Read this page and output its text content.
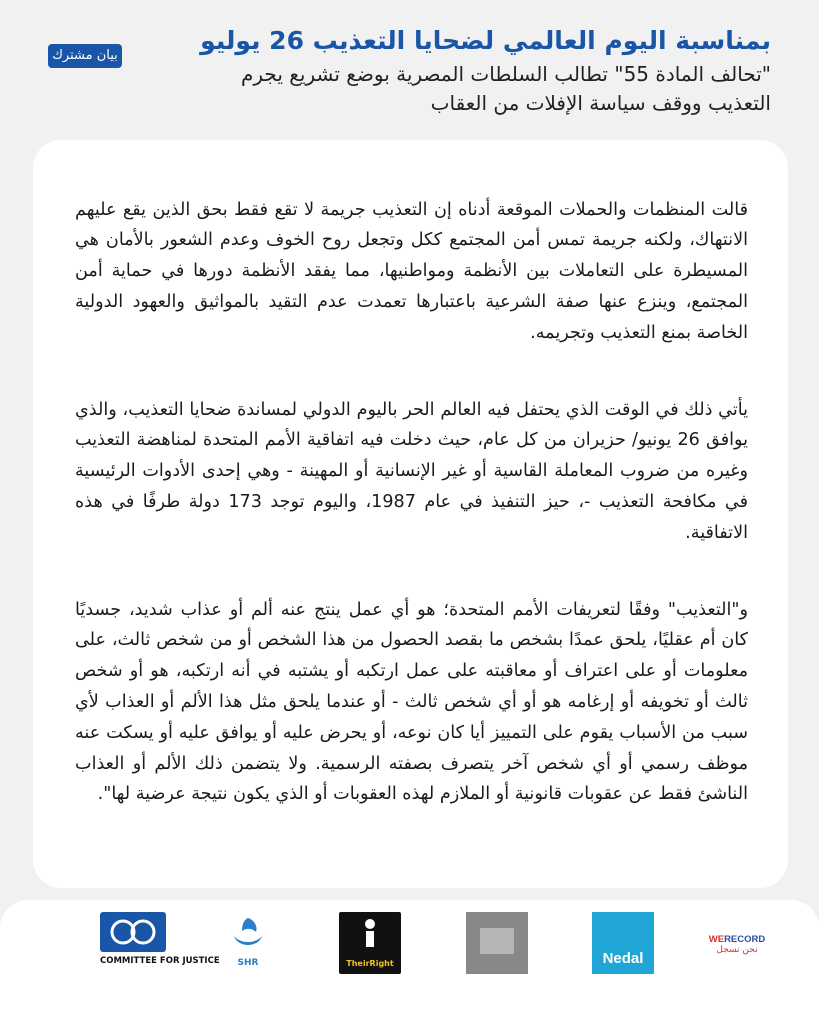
بمناسبة اليوم العالمي لضحايا التعذيب 26 يوليو
"تحالف المادة 55" تطالب السلطات المصرية بوضع تشريع يجرم التعذيب ووقف سياسة الإفلات من العقاب
بيان مشترك

قالت المنظمات والحملات الموقعة أدناه إن التعذيب جريمة لا تقع فقط بحق الذين يقع عليهم الانتهاك، ولكنه جريمة تمس أمن المجتمع ككل وتجعل روح الخوف وعدم الشعور بالأمان هي المسيطرة على التعاملات بين الأنظمة ومواطنيها، مما يفقد الأنظمة دورها في حماية أمن المجتمع، وينزع عنها صفة الشرعية باعتبارها تعمدت عدم التقيد بالمواثيق والعهود الدولية الخاصة بمنع التعذيب وتجريمه.

يأتي ذلك في الوقت الذي يحتفل فيه العالم الحر باليوم الدولي لمساندة ضحايا التعذيب، والذي يوافق 26 يونيو/ حزيران من كل عام، حيث دخلت فيه اتفاقية الأمم المتحدة لمناهضة التعذيب وغيره من ضروب المعاملة القاسية أو غير الإنسانية أو المهينة - وهي إحدى الأدوات الرئيسية في مكافحة التعذيب -، حيز التنفيذ في عام 1987، واليوم توجد 173 دولة طرفًا في هذه الاتفاقية.

و"التعذيب" وفقًا لتعريفات الأمم المتحدة؛ هو أي عمل ينتج عنه ألم أو عذاب شديد، جسديًا كان أم عقليًا، يلحق عمدًا بشخص ما بقصد الحصول من هذا الشخص أو من شخص ثالث، على معلومات أو على اعتراف أو معاقبته على عمل ارتكبه أو يشتبه في أنه ارتكبه، هو أو شخص ثالث أو تخويفه أو إرغامه هو أو أي شخص ثالث - أو عندما يلحق مثل هذا الألم أو العذاب لأي سبب من الأسباب يقوم على التمييز أيا كان نوعه، أو يحرض عليه أو يوافق عليه أو يسكت عنه موظف رسمي أو أي شخص آخر يتصرف بصفته الرسمية. ولا يتضمن ذلك الألم أو العذاب الناشئ فقط عن عقوبات قانونية أو الملازم لهذه العقوبات أو الذي يكون نتيجة عرضية لها".

COMMITTEE FOR JUSTICE	SHR	TheirRight	Nedal
WERECORD
نحن نسجل
